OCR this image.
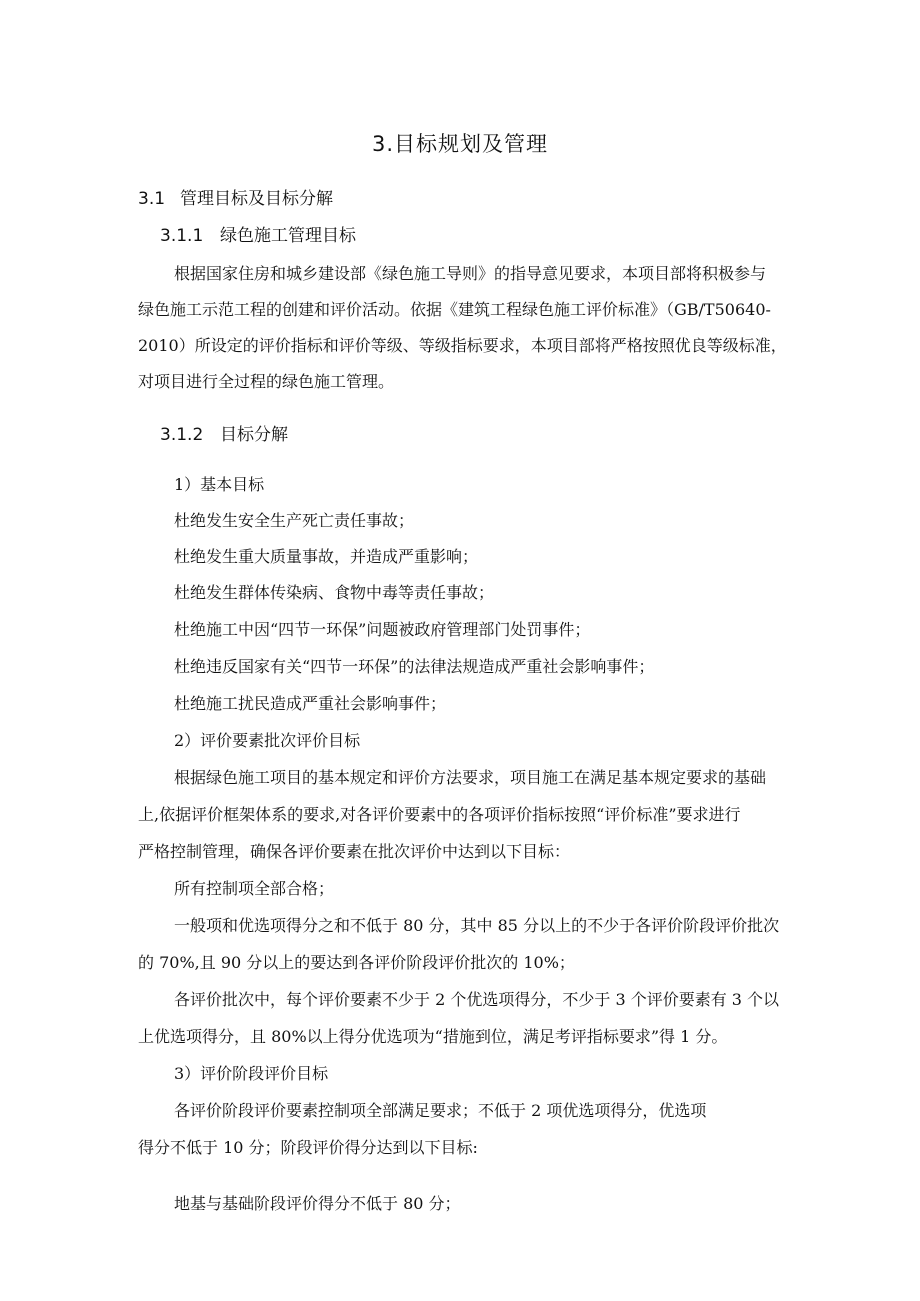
3.目标规划及管理
3.1 管理目标及目标分解
3.1.1 绿色施工管理目标
根据国家住房和城乡建设部《绿色施工导则》的指导意见要求，本项目部将积极参与
绿色施工示范工程的创建和评价活动。依据《建筑工程绿色施工评价标准》（GB/T50640-
2010）所设定的评价指标和评价等级、等级指标要求，本项目部将严格按照优良等级标准，
对项目进行全过程的绿色施工管理。
3.1.2 目标分解
1）基本目标
杜绝发生安全生产死亡责任事故；
杜绝发生重大质量事故，并造成严重影响；
杜绝发生群体传染病、食物中毒等责任事故；
杜绝施工中因“四节一环保”问题被政府管理部门处罚事件；
杜绝违反国家有关“四节一环保”的法律法规造成严重社会影响事件；
杜绝施工扰民造成严重社会影响事件；
2）评价要素批次评价目标
根据绿色施工项目的基本规定和评价方法要求，项目施工在满足基本规定要求的基础
上,依据评价框架体系的要求,对各评价要素中的各项评价指标按照“评价标准”要求进行
严格控制管理，确保各评价要素在批次评价中达到以下目标：
所有控制项全部合格；
一般项和优选项得分之和不低于 80 分，其中 85 分以上的不少于各评价阶段评价批次
的 70%,且 90 分以上的要达到各评价阶段评价批次的 10%；
各评价批次中，每个评价要素不少于 2 个优选项得分，不少于 3 个评价要素有 3 个以
上优选项得分，且 80%以上得分优选项为“措施到位，满足考评指标要求”得 1 分。
3）评价阶段评价目标
各评价阶段评价要素控制项全部满足要求；不低于 2 项优选项得分，优选项
得分不低于 10 分；阶段评价得分达到以下目标:
地基与基础阶段评价得分不低于 80 分；
